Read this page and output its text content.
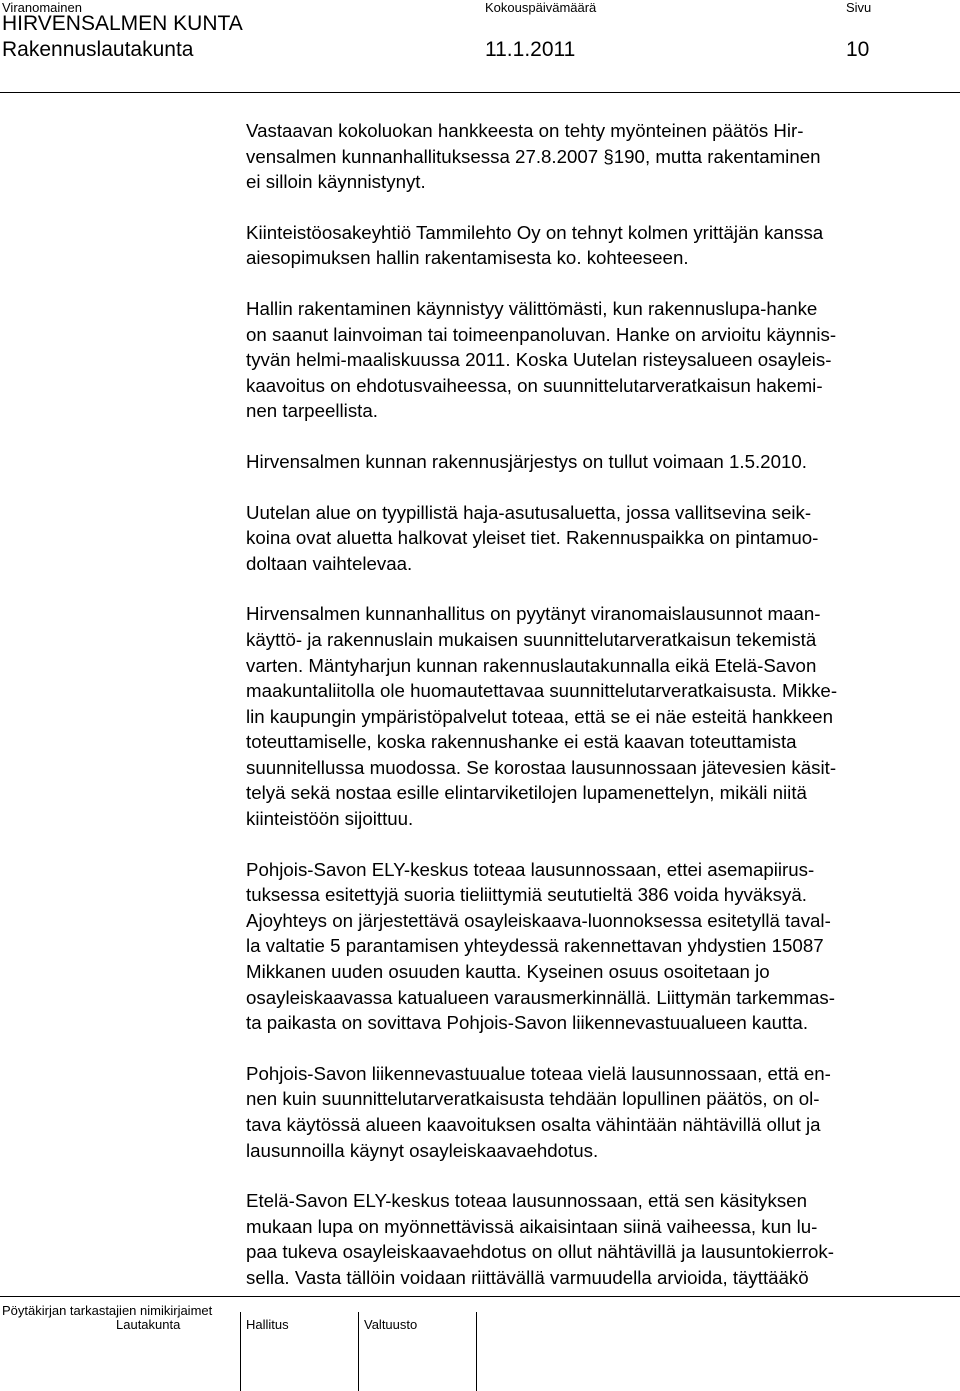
Viranomainen	Kokouspäivämäärä	Sivu
HIRVENSALMEN KUNTA
Rakennuslautakunta	11.1.2011	10
Vastaavan kokoluokan hankkeesta on tehty myönteinen päätös Hir-
vensalmen kunnanhallituksessa 27.8.2007 §190, mutta rakentaminen
ei silloin käynnistynyt.
Kiinteistöosakeyhtiö Tammilehto Oy on tehnyt kolmen yrittäjän kanssa
aiesopimuksen hallin rakentamisesta ko. kohteeseen.
Hallin rakentaminen käynnistyy välittömästi, kun rakennuslupa-hanke
on saanut lainvoiman tai toimeenpanoluvan. Hanke on arvioitu käynnis-
tyvän helmi-maaliskuussa 2011. Koska Uutelan risteysalueen osayleis-
kaavoitus on ehdotusvaiheessa, on suunnittelutarveratkaisun hakemi-
nen tarpeellista.
Hirvensalmen kunnan rakennusjärjestys on tullut voimaan 1.5.2010.
Uutelan alue on tyypillistä haja-asutusaluetta, jossa vallitsevina seik-
koina ovat aluetta halkovat yleiset tiet. Rakennuspaikka on pintamuo-
doltaan vaihtelevaa.
Hirvensalmen kunnanhallitus on pyytänyt viranomaislausunnot maan-
käyttö- ja rakennuslain mukaisen suunnittelutarveratkaisun tekemistä
varten. Mäntyharjun kunnan rakennuslautakunnalla eikä Etelä-Savon
maakuntaliitolla ole huomautettavaa suunnittelutarveratkaisusta. Mikke-
lin kaupungin ympäristöpalvelut toteaa, että se ei näe esteitä hankkeen
toteuttamiselle, koska rakennushanke ei estä kaavan toteuttamista
suunnitellussa muodossa. Se korostaa lausunnossaan jätevesien käsit-
telyä sekä nostaa esille elintarviketilojen lupamenettelyn, mikäli niitä
kiinteistöön sijoittuu.
Pohjois-Savon ELY-keskus toteaa lausunnossaan, ettei asemapiirus-
tuksessa esitettyjä suoria tieliittymiä seututieltä 386 voida hyväksyä.
Ajoyhteys on järjestettävä osayleiskaava-luonnoksessa esitetyllä taval-
la valtatie 5 parantamisen yhteydessä rakennettavan yhdystien 15087
Mikkanen uuden osuuden kautta. Kyseinen osuus osoitetaan jo
osayleiskaavassa katualueen varausmerkinnällä. Liittymän tarkemmas-
ta paikasta on sovittava Pohjois-Savon liikennevastuualueen kautta.
Pohjois-Savon liikennevastuualue toteaa vielä lausunnossaan, että en-
nen kuin suunnittelutarveratkaisusta tehdään lopullinen päätös, on ol-
tava käytössä alueen kaavoituksen osalta vähintään nähtävillä ollut ja
lausunnoilla käynyt osayleiskaavaehdotus.
Etelä-Savon ELY-keskus toteaa lausunnossaan, että sen käsityksen
mukaan lupa on myönnettävissä aikaisintaan siinä vaiheessa, kun lu-
paa tukeva osayleiskaavaehdotus on ollut nähtävillä ja lausuntokierrok-
sella. Vasta tällöin voidaan riittävällä varmuudella arvioida, täyttääkö
Pöytäkirjan tarkastajien nimikirjaimet
Lautakunta	Hallitus	Valtuusto
